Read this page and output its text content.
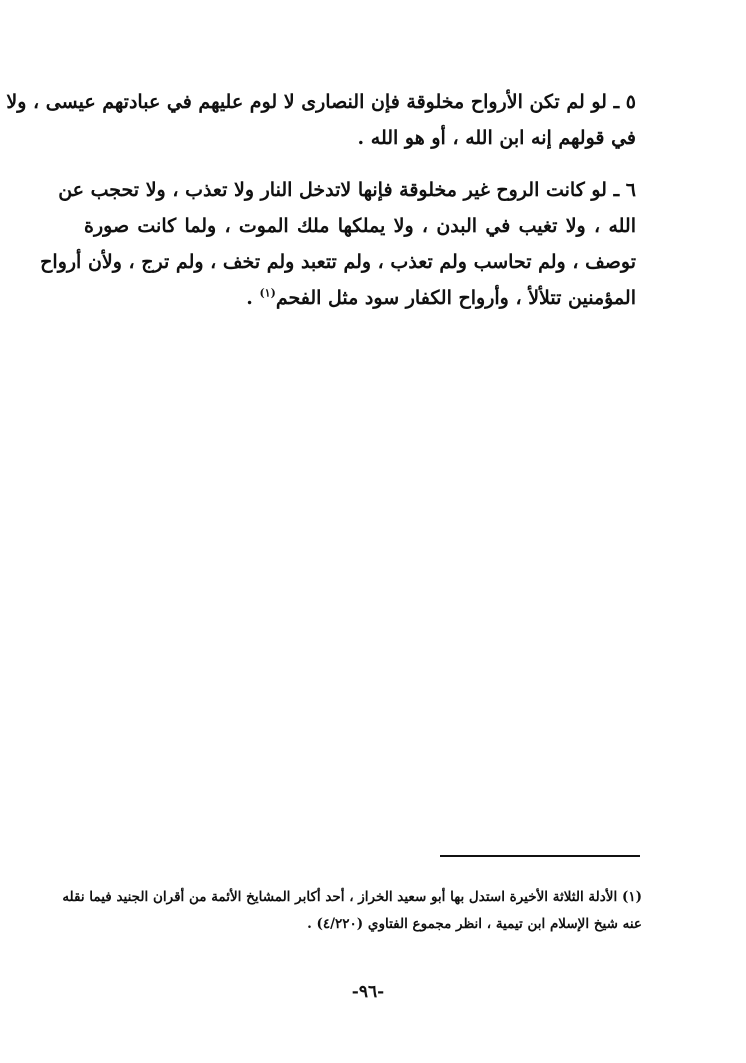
٥ ـ لو لم تكن الأرواح مخلوقة فإن النصارى لا لوم عليهم في عبادتهم عيسى ، ولا
في قولهم إنه ابن الله ، أو هو الله .
٦ ـ لو كانت الروح غير مخلوقة فإنها لاتدخل النار ولا تعذب ، ولا تحجب عن
الله ، ولا تغيب في البدن ، ولا يملكها ملك الموت ، ولما كانت صورة
توصف ، ولم تحاسب ولم تعذب ، ولم تتعبد ولم تخف ، ولم ترج ، ولأن أرواح
المؤمنين تتلألأ ، وأرواح الكفار سود مثل الفحم$^{(١)}$ .
(١) الأدلة الثلاثة الأخيرة استدل بها أبو سعيد الخراز ، أحد أكابر المشايخ الأئمة من أقران الجنيد فيما نقله
عنه شيخ الإسلام ابن تيمية ، انظر مجموع الفتاوي (٤/٢٢٠) .
-٩٦-
